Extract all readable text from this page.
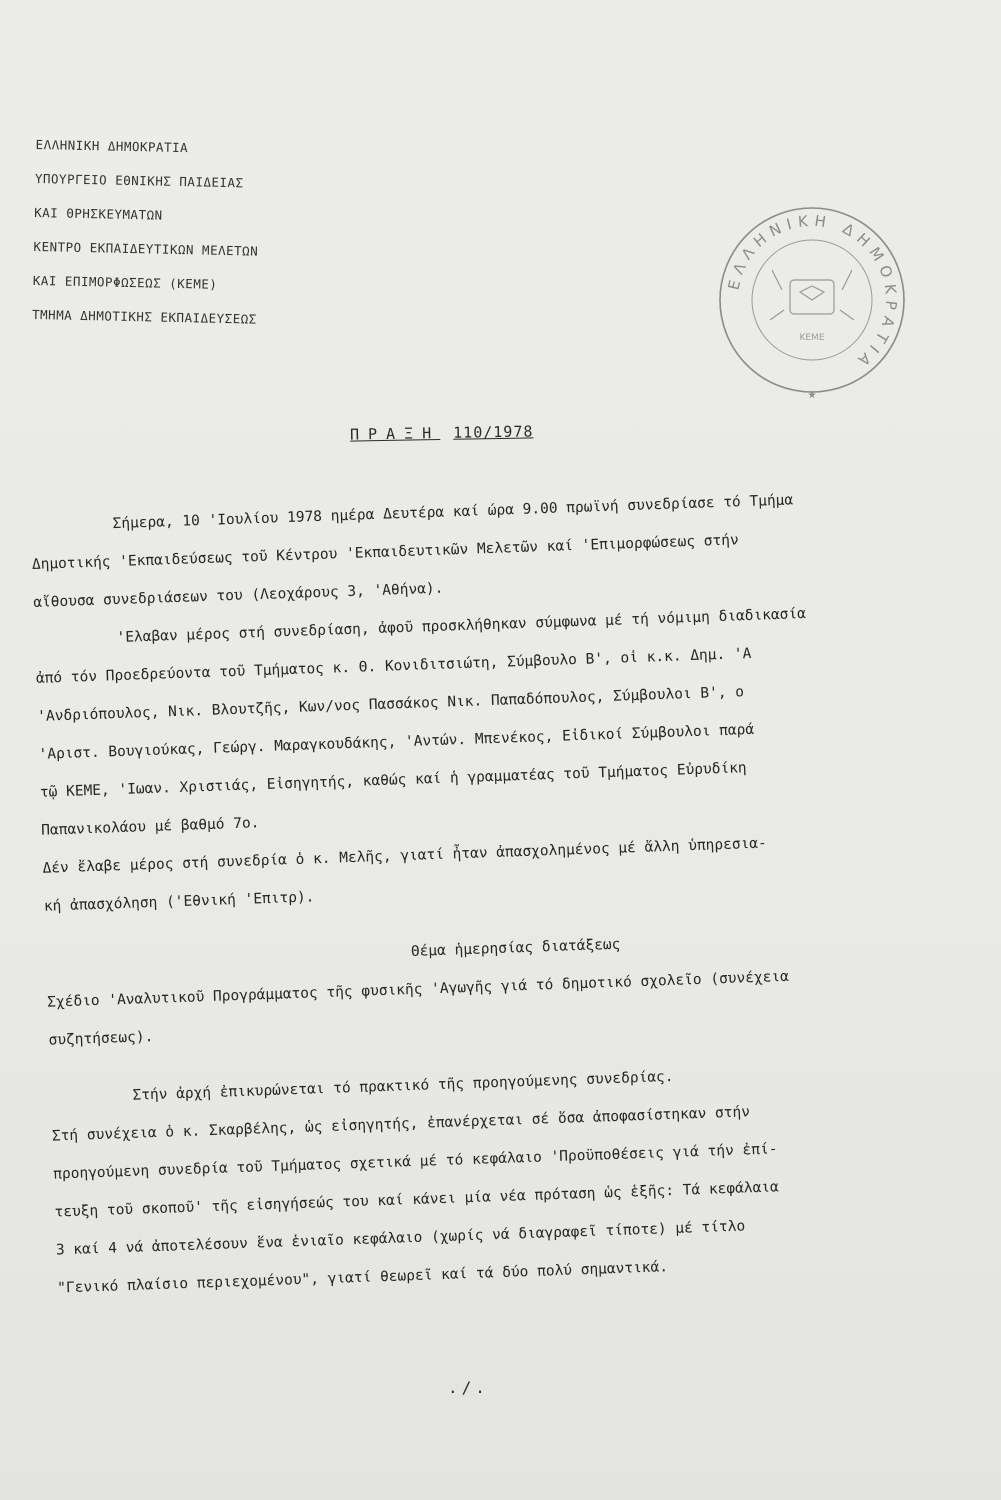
ΕΛΛΗΝΙΚΗ ΔΗΜΟΚΡΑΤΙΑ
ΥΠΟΥΡΓΕΙΟ ΕΘΝΙΚΗΣ ΠΑΙΔΕΙΑΣ
ΚΑΙ ΘΡΗΣΚΕΥΜΑΤΩΝ
ΚΕΝΤΡΟ ΕΚΠΑΙΔΕΥΤΙΚΩΝ ΜΕΛΕΤΩΝ
ΚΑΙ ΕΠΙΜΟΡΦΩΣΕΩΣ (ΚΕΜΕ)
ΤΜΗΜΑ ΔΗΜΟΤΙΚΗΣ ΕΚΠΑΙΔΕΥΣΕΩΣ
ΕΛΛΗΝΙΚΗ ΔΗΜΟΚΡΑΤΙΑ
ΚΕΜΕ
★
ΠΡΑΞΗ 110/1978
Σήμερα, 10 'Ιουλίου 1978 ημέρα Δευτέρα καί ώρα 9.00 πρωϊνή συνεδρίασε τό Τμήμα
Δημοτικής 'Εκπαιδεύσεως τοῦ Κέντρου 'Εκπαιδευτικῶν Μελετῶν καί 'Επιμορφώσεως στήν
αἴθουσα συνεδριάσεων του (Λεοχάρους 3, 'Αθήνα).
'Ελαβαν μέρος στή συνεδρίαση, ἀφοῦ προσκλήθηκαν σύμφωνα μέ τή νόμιμη διαδικασία
ἀπό τόν Προεδρεύοντα τοῦ Τμήματος κ. Θ. Κονιδιτσιώτη, Σύμβουλο Β', οἱ κ.κ. Δημ. 'Α
'Ανδριόπουλος, Νικ. Βλουτζῆς, Κων/νος Πασσάκος Νικ. Παπαδόπουλος, Σύμβουλοι Β', ο
'Αριστ. Βουγιούκας, Γεώργ. Μαραγκουδάκης, 'Αντών. Μπενέκος, Εἰδικοί Σύμβουλοι παρά
τῷ ΚΕΜΕ, 'Ιωαν. Χριστιάς, Εἰσηγητής, καθώς καί ἡ γραμματέας τοῦ Τμήματος Εὐρυδίκη
Παπανικολάου μέ βαθμό 7ο.
Δέν ἔλαβε μέρος στή συνεδρία ὁ κ. Μελῆς, γιατί ἦταν ἀπασχολημένος μέ ἄλλη ὑπηρεσια-
κή ἀπασχόληση ('Εθνική 'Επιτρ).
Θέμα ἡμερησίας διατάξεως
Σχέδιο 'Αναλυτικοῦ Προγράμματος τῆς φυσικῆς 'Αγωγῆς γιά τό δημοτικό σχολεῖο (συνέχεια
συζητήσεως).
Στήν ἀρχή ἐπικυρώνεται τό πρακτικό τῆς προηγούμενης συνεδρίας.
Στή συνέχεια ὁ κ. Σκαρβέλης, ὡς εἰσηγητής, ἐπανέρχεται σέ ὅσα ἀποφασίστηκαν στήν
προηγούμενη συνεδρία τοῦ Τμήματος σχετικά μέ τό κεφάλαιο 'Προϋποθέσεις γιά τήν ἐπί-
τευξη τοῦ σκοποῦ' τῆς εἰσηγήσεώς του καί κάνει μία νέα πρόταση ὡς ἑξῆς: Τά κεφάλαια
3 καί 4 νά ἀποτελέσουν ἕνα ἑνιαῖο κεφάλαιο (χωρίς νά διαγραφεῖ τίποτε) μέ τίτλο
"Γενικό πλαίσιο περιεχομένου", γιατί θεωρεῖ καί τά δύο πολύ σημαντικά.
./.
